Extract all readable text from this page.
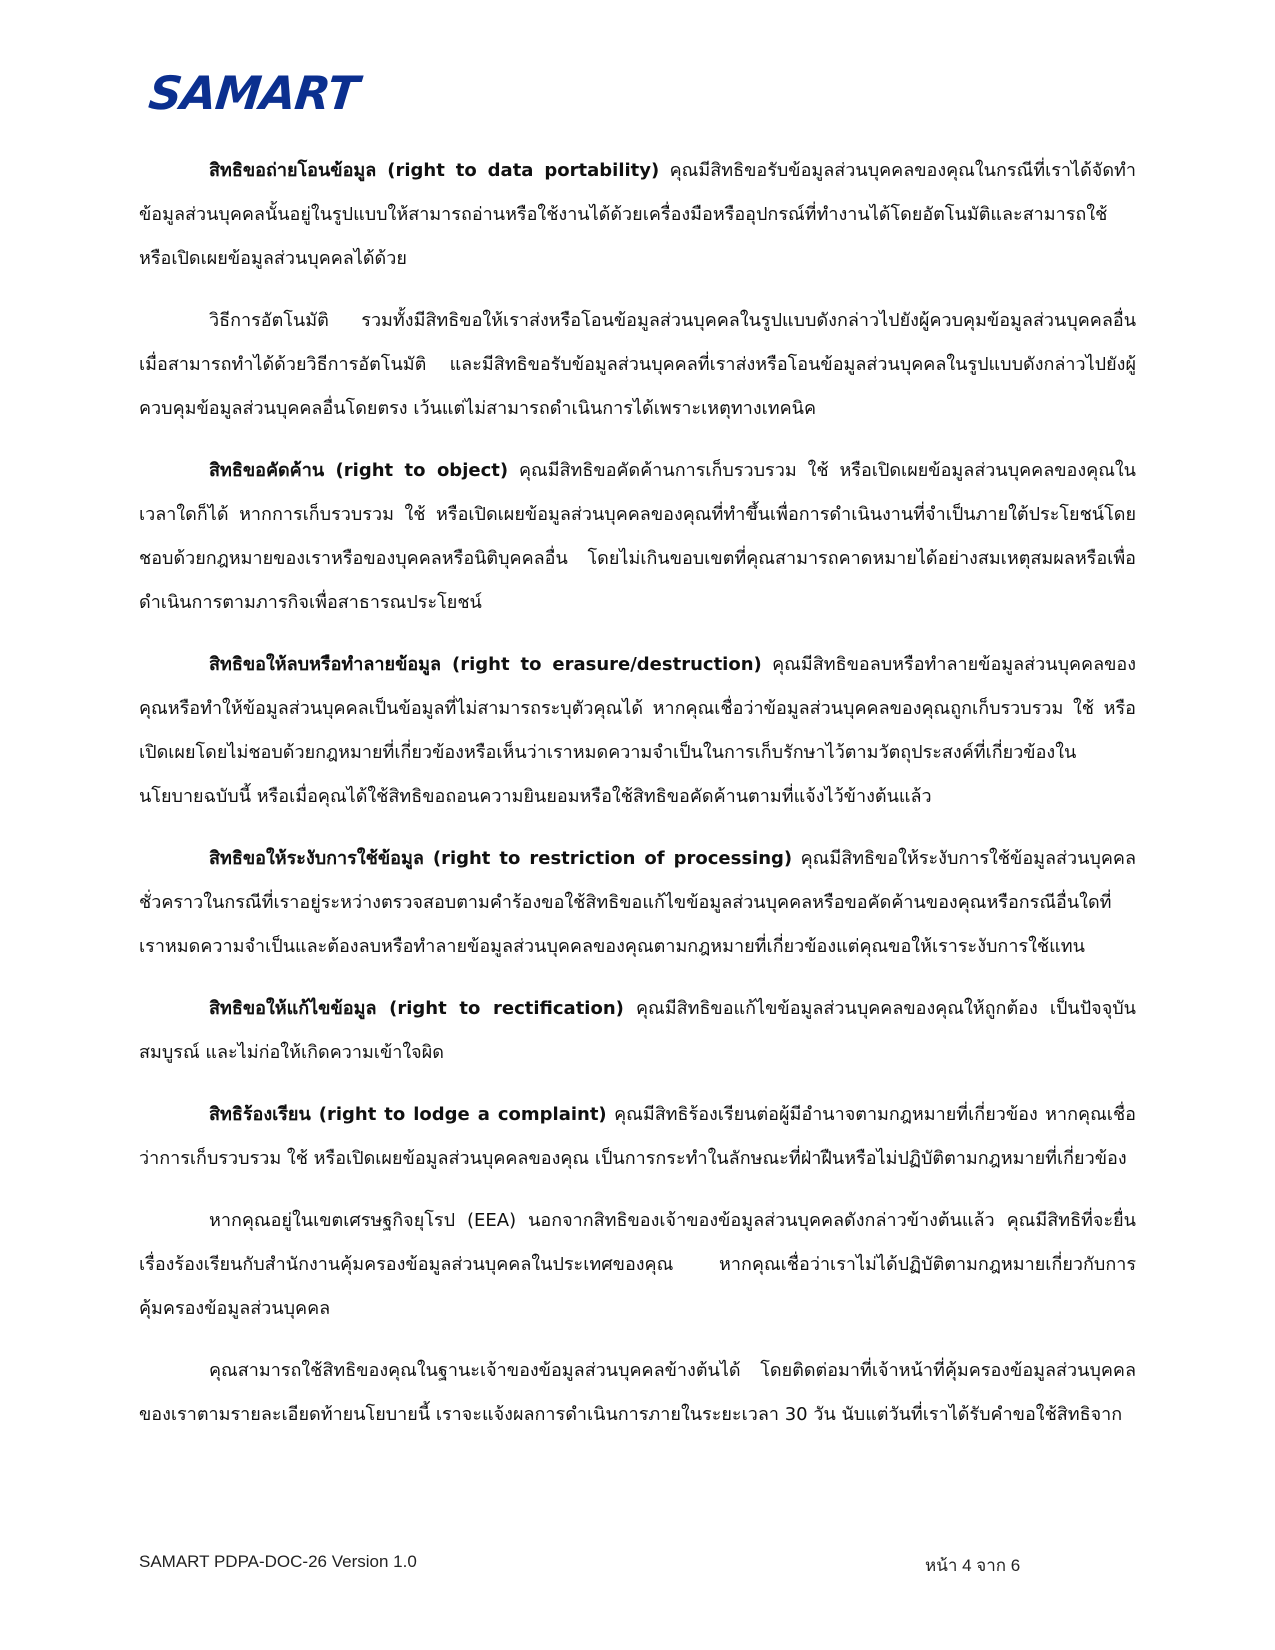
SAMART

สิทธิขอถ่ายโอนข้อมูล (right to data portability) คุณมีสิทธิขอรับข้อมูลส่วนบุคคลของคุณในกรณีที่เราได้จัดทำข้อมูลส่วนบุคคลนั้นอยู่ในรูปแบบให้สามารถอ่านหรือใช้งานได้ด้วยเครื่องมือหรืออุปกรณ์ที่ทำงานได้โดยอัตโนมัติและสามารถใช้หรือเปิดเผยข้อมูลส่วนบุคคลได้ด้วย

วิธีการอัตโนมัติ รวมทั้งมีสิทธิขอให้เราส่งหรือโอนข้อมูลส่วนบุคคลในรูปแบบดังกล่าวไปยังผู้ควบคุมข้อมูลส่วนบุคคลอื่นเมื่อสามารถทำได้ด้วยวิธีการอัตโนมัติ และมีสิทธิขอรับข้อมูลส่วนบุคคลที่เราส่งหรือโอนข้อมูลส่วนบุคคลในรูปแบบดังกล่าวไปยังผู้ควบคุมข้อมูลส่วนบุคคลอื่นโดยตรง เว้นแต่ไม่สามารถดำเนินการได้เพราะเหตุทางเทคนิค

สิทธิขอคัดค้าน (right to object) คุณมีสิทธิขอคัดค้านการเก็บรวบรวม ใช้ หรือเปิดเผยข้อมูลส่วนบุคคลของคุณในเวลาใดก็ได้ หากการเก็บรวบรวม ใช้ หรือเปิดเผยข้อมูลส่วนบุคคลของคุณที่ทำขึ้นเพื่อการดำเนินงานที่จำเป็นภายใต้ประโยชน์โดยชอบด้วยกฎหมายของเราหรือของบุคคลหรือนิติบุคคลอื่น โดยไม่เกินขอบเขตที่คุณสามารถคาดหมายได้อย่างสมเหตุสมผลหรือเพื่อดำเนินการตามภารกิจเพื่อสาธารณประโยชน์

สิทธิขอให้ลบหรือทำลายข้อมูล (right to erasure/destruction) คุณมีสิทธิขอลบหรือทำลายข้อมูลส่วนบุคคลของคุณหรือทำให้ข้อมูลส่วนบุคคลเป็นข้อมูลที่ไม่สามารถระบุตัวคุณได้ หากคุณเชื่อว่าข้อมูลส่วนบุคคลของคุณถูกเก็บรวบรวม ใช้ หรือเปิดเผยโดยไม่ชอบด้วยกฎหมายที่เกี่ยวข้องหรือเห็นว่าเราหมดความจำเป็นในการเก็บรักษาไว้ตามวัตถุประสงค์ที่เกี่ยวข้องในนโยบายฉบับนี้ หรือเมื่อคุณได้ใช้สิทธิขอถอนความยินยอมหรือใช้สิทธิขอคัดค้านตามที่แจ้งไว้ข้างต้นแล้ว

สิทธิขอให้ระงับการใช้ข้อมูล (right to restriction of processing) คุณมีสิทธิขอให้ระงับการใช้ข้อมูลส่วนบุคคลชั่วคราวในกรณีที่เราอยู่ระหว่างตรวจสอบตามคำร้องขอใช้สิทธิขอแก้ไขข้อมูลส่วนบุคคลหรือขอคัดค้านของคุณหรือกรณีอื่นใดที่เราหมดความจำเป็นและต้องลบหรือทำลายข้อมูลส่วนบุคคลของคุณตามกฎหมายที่เกี่ยวข้องแต่คุณขอให้เราระงับการใช้แทน

สิทธิขอให้แก้ไขข้อมูล (right to rectification) คุณมีสิทธิขอแก้ไขข้อมูลส่วนบุคคลของคุณให้ถูกต้อง เป็นปัจจุบัน สมบูรณ์ และไม่ก่อให้เกิดความเข้าใจผิด

สิทธิร้องเรียน (right to lodge a complaint) คุณมีสิทธิร้องเรียนต่อผู้มีอำนาจตามกฎหมายที่เกี่ยวข้อง หากคุณเชื่อว่าการเก็บรวบรวม ใช้ หรือเปิดเผยข้อมูลส่วนบุคคลของคุณ เป็นการกระทำในลักษณะที่ฝ่าฝืนหรือไม่ปฏิบัติตามกฎหมายที่เกี่ยวข้อง

หากคุณอยู่ในเขตเศรษฐกิจยุโรป (EEA) นอกจากสิทธิของเจ้าของข้อมูลส่วนบุคคลดังกล่าวข้างต้นแล้ว คุณมีสิทธิที่จะยื่นเรื่องร้องเรียนกับสำนักงานคุ้มครองข้อมูลส่วนบุคคลในประเทศของคุณ หากคุณเชื่อว่าเราไม่ได้ปฏิบัติตามกฎหมายเกี่ยวกับการคุ้มครองข้อมูลส่วนบุคคล

คุณสามารถใช้สิทธิของคุณในฐานะเจ้าของข้อมูลส่วนบุคคลข้างต้นได้ โดยติดต่อมาที่เจ้าหน้าที่คุ้มครองข้อมูลส่วนบุคคลของเราตามรายละเอียดท้ายนโยบายนี้ เราจะแจ้งผลการดำเนินการภายในระยะเวลา 30 วัน นับแต่วันที่เราได้รับคำขอใช้สิทธิจาก

SAMART PDPA-DOC-26 Version 1.0	หน้า 4 จาก 6
